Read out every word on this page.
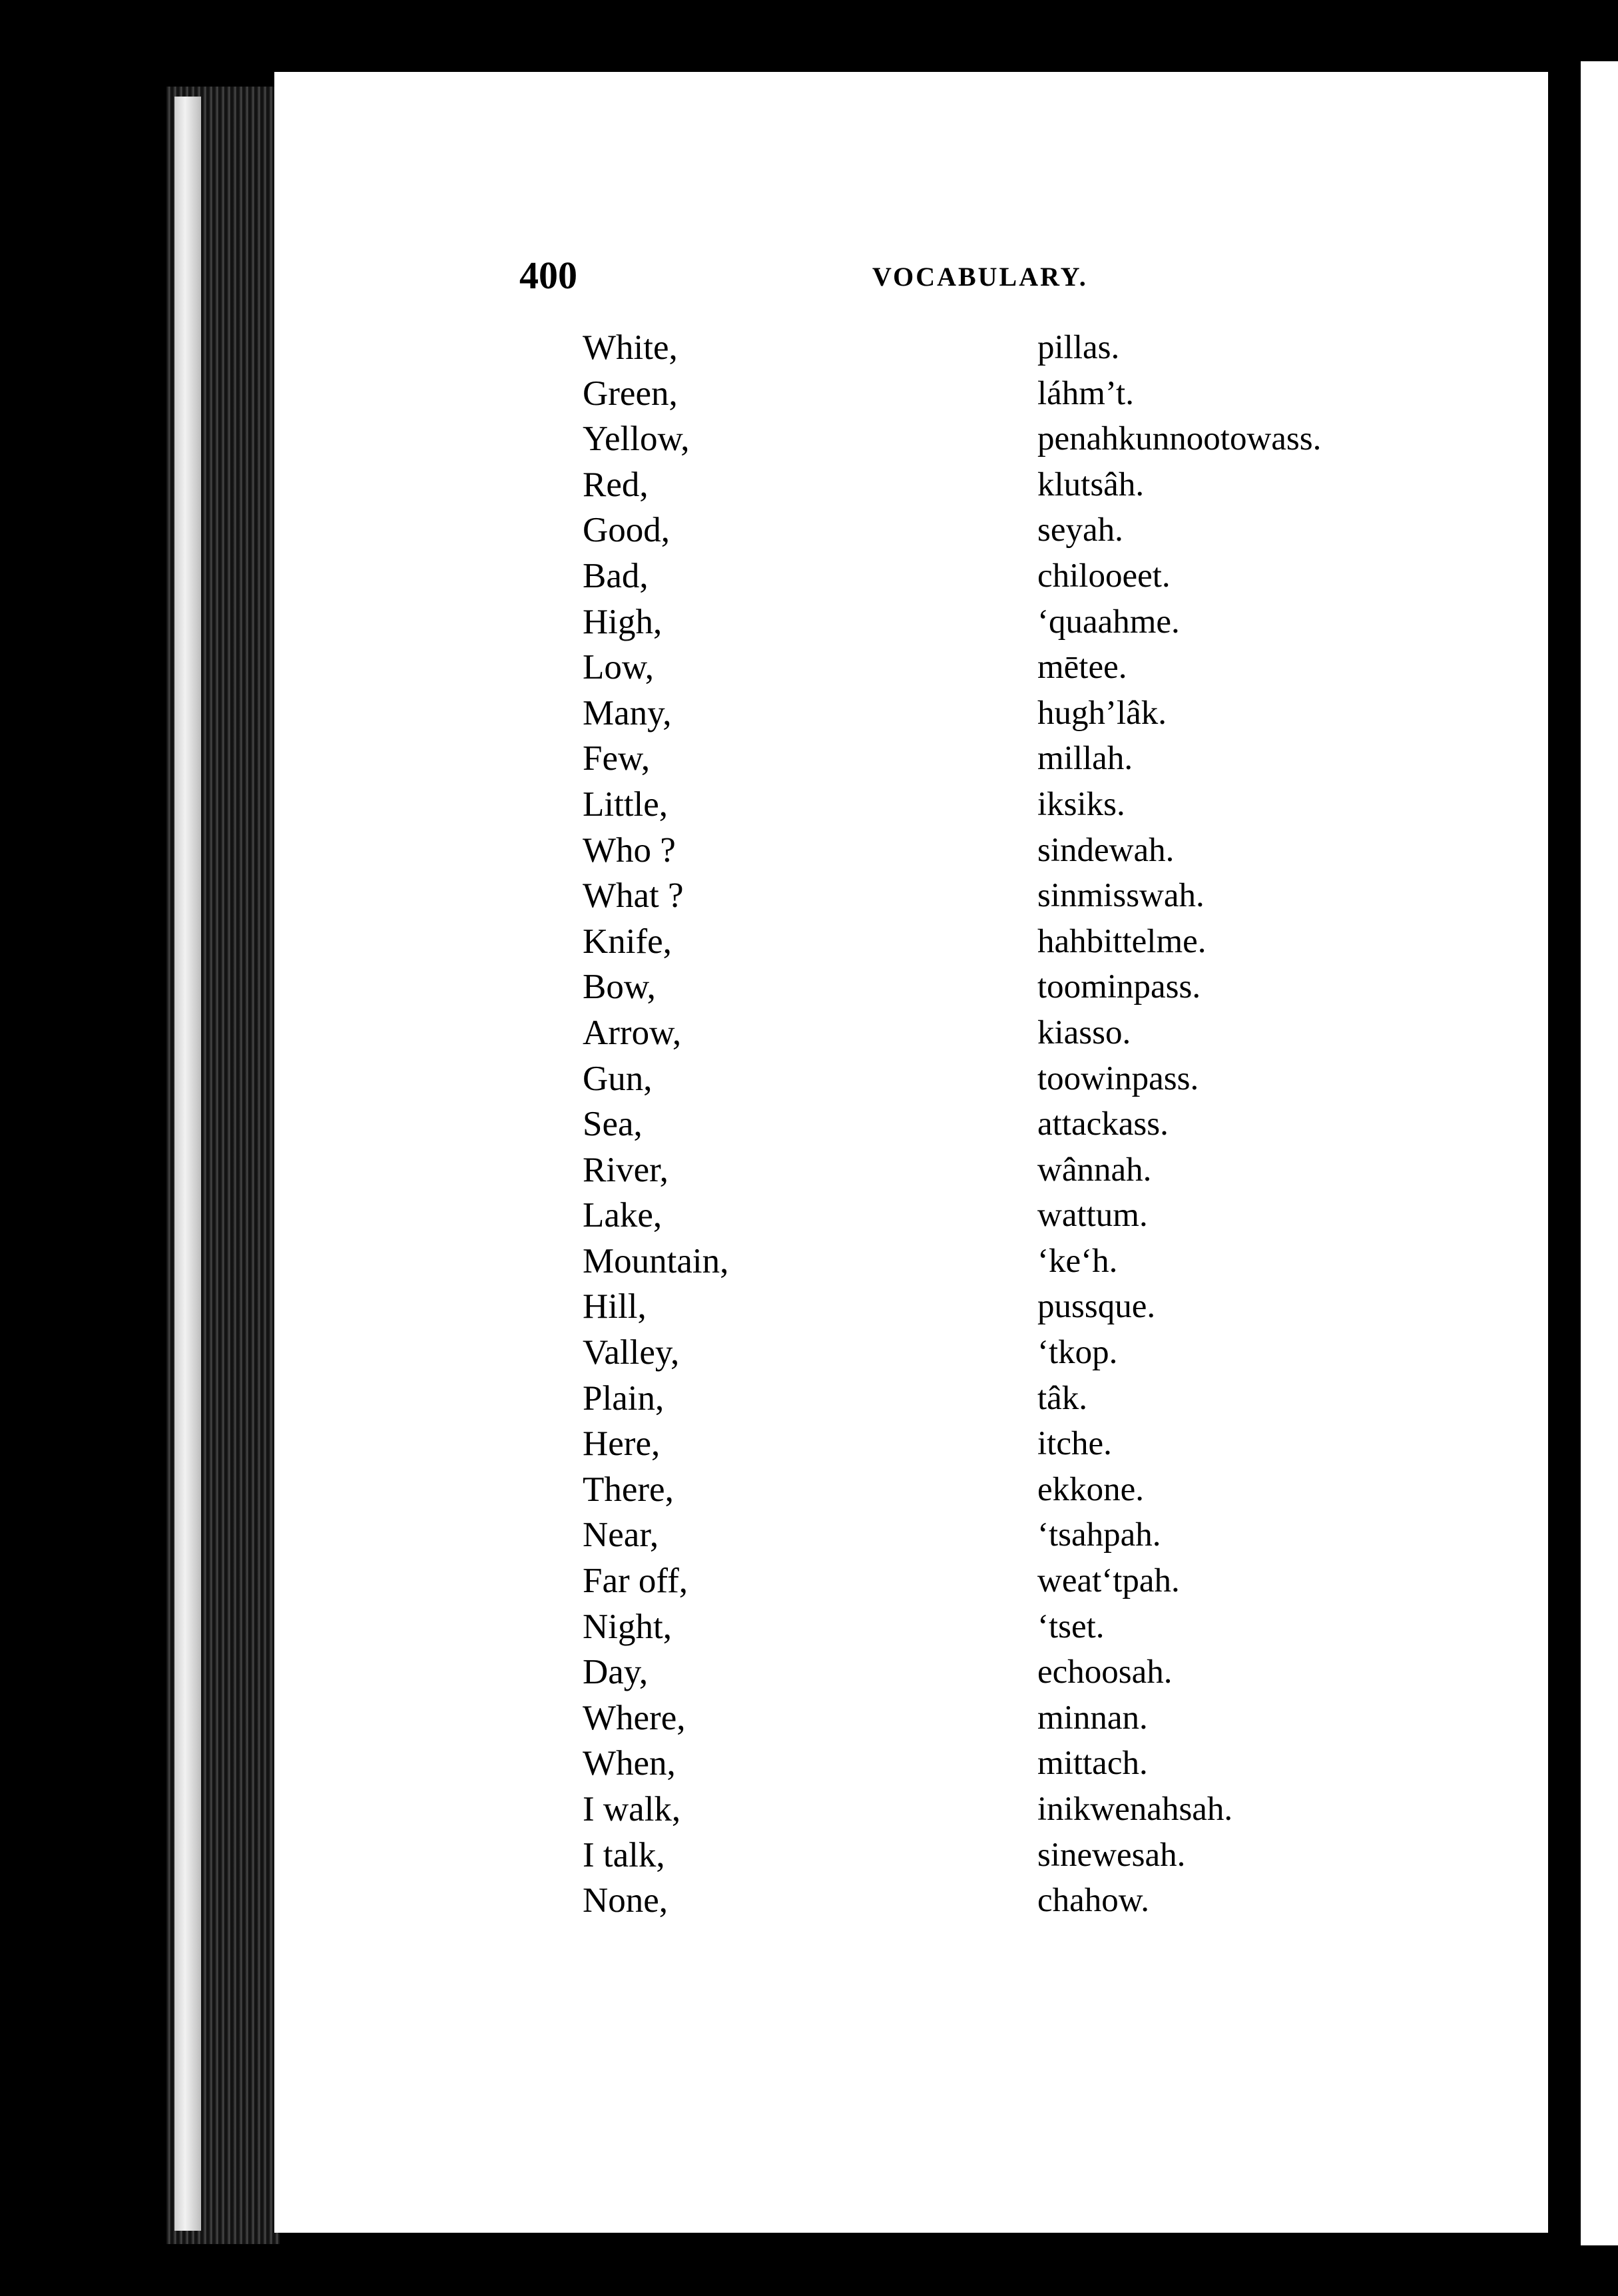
400	VOCABULARY.
White,	pillas.
Green,	láhm’t.
Yellow,	penahkunnootowass.
Red,	klutsâh.
Good,	seyah.
Bad,	chilooeet.
High,	‘quaahme.
Low,	mētee.
Many,	hugh’lâk.
Few,	millah.
Little,	iksiks.
Who ?	sindewah.
What ?	sinmisswah.
Knife,	hahbittelme.
Bow,	toominpass.
Arrow,	kiasso.
Gun,	toowinpass.
Sea,	attackass.
River,	wânnah.
Lake,	wattum.
Mountain,	‘ke‘h.
Hill,	pussque.
Valley,	‘tkop.
Plain,	tâk.
Here,	itche.
There,	ekkone.
Near,	‘tsahpah.
Far off,	weat‘tpah.
Night,	‘tset.
Day,	echoosah.
Where,	minnan.
When,	mittach.
I walk,	inikwenahsah.
I talk,	sinewesah.
None,	chahow.
